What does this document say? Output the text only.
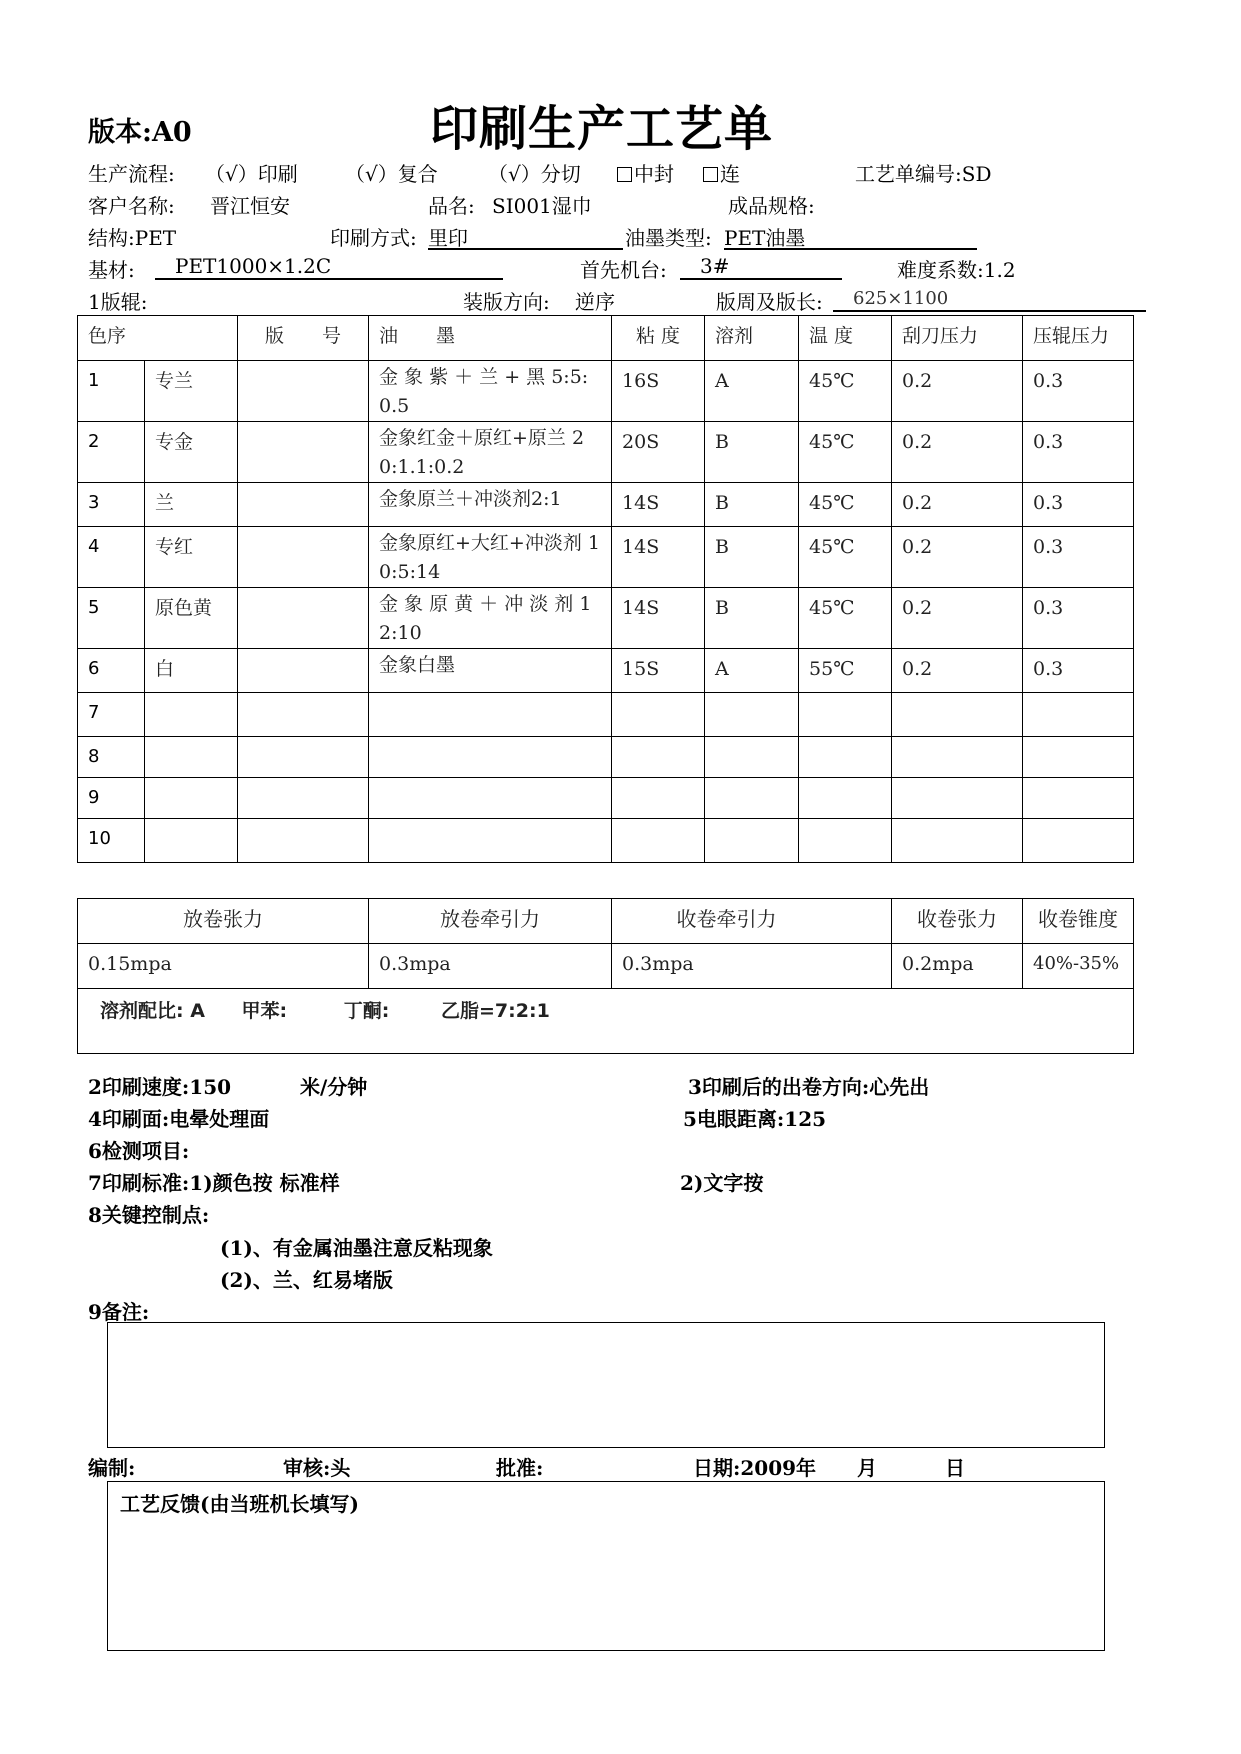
版本:A0	印刷生产工艺单
生产流程: （√）印刷 （√）复合	（√）分切	中封	连	工艺单编号:SD
客户名称: 晋江恒安	品名: SI001湿巾	成品规格:
结构:PET	印刷方式: 里印	油墨类型: PET油墨
基材:	PET1000×1.2C	首先机台:	3#	难度系数:1.2
1版辊:	装版方向: 逆序	版周及版长:	625×1100
色序		版　　号	油　　墨	粘 度	溶剂	温 度	刮刀压力	压辊压力
1	专兰		金 象 紫 ＋ 兰 + 黑 5:5:0.5	16S	A	45℃	0.2	0.3
2	专金		金象红金＋原红+原兰 20:1.1:0.2	20S	B	45℃	0.2	0.3
3	兰		金象原兰＋冲淡剂2:1	14S	B	45℃	0.2	0.3
4	专红		金象原红+大红+冲淡剂 10:5:14	14S	B	45℃	0.2	0.3
5	原色黄		金 象 原 黄 ＋ 冲 淡 剂 12:10	14S	B	45℃	0.2	0.3
6	白		金象白墨	15S	A	55℃	0.2	0.3
7								
8								
9								
10								
放卷张力	放卷牵引力	收卷牵引力	收卷张力	收卷锥度
0.15mpa	0.3mpa	0.3mpa	0.2mpa	40%-35%
溶剂配比: A 甲苯: 丁酮: 乙脂=7:2:1				
2印刷速度:150	米/分钟	3印刷后的出卷方向:心先出
4印刷面:电晕处理面	5电眼距离:125
6检测项目:
7印刷标准:1)颜色按 标准样	2)文字按
8关键控制点:
(1)、有金属油墨注意反粘现象
(2)、兰、红易堵版
9备注:
编制:	审核:头	批准:	日期:2009年 月	日
工艺反馈(由当班机长填写)
